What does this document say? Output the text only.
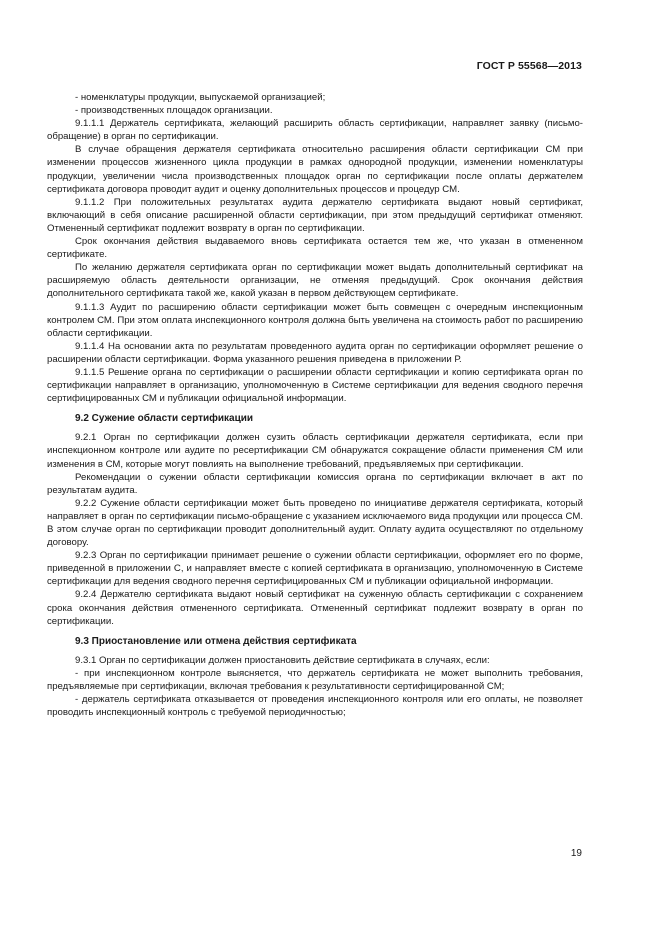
ГОСТ Р 55568—2013

- номенклатуры продукции, выпускаемой организацией;

- производственных площадок организации.

9.1.1.1 Держатель сертификата, желающий расширить область сертификации, направляет заявку (письмо-обращение) в орган по сертификации.

В случае обращения держателя сертификата относительно расширения области сертификации СМ при изменении процессов жизненного цикла продукции в рамках однородной продукции, изменении номенклатуры продукции, увеличении числа производственных площадок орган по сертификации после оплаты держателем сертификата договора проводит аудит и оценку дополнительных процессов и процедур СМ.

9.1.1.2 При положительных результатах аудита держателю сертификата выдают новый сертификат, включающий в себя описание расширенной области сертификации, при этом предыдущий сертификат отменяют. Отмененный сертификат подлежит возврату в орган по сертификации.

Срок окончания действия выдаваемого вновь сертификата остается тем же, что указан в отмененном сертификате.

По желанию держателя сертификата орган по сертификации может выдать дополнительный сертификат на расширяемую область деятельности организации, не отменяя предыдущий. Срок окончания действия дополнительного сертификата такой же, какой указан в первом действующем сертификате.

9.1.1.3 Аудит по расширению области сертификации может быть совмещен с очередным инспекционным контролем СМ. При этом оплата инспекционного контроля должна быть увеличена на стоимость работ по расширению области сертификации.

9.1.1.4 На основании акта по результатам проведенного аудита орган по сертификации оформляет решение о расширении области сертификации. Форма указанного решения приведена в приложении Р.

9.1.1.5 Решение органа по сертификации о расширении области сертификации и копию сертификата орган по сертификации направляет в организацию, уполномоченную в Системе сертификации для ведения сводного перечня сертифицированных СМ и публикации официальной информации.

9.2 Сужение области сертификации

9.2.1 Орган по сертификации должен сузить область сертификации держателя сертификата, если при инспекционном контроле или аудите по ресертификации СМ обнаружатся сокращение области применения СМ или изменения в СМ, которые могут повлиять на выполнение требований, предъявляемых при сертификации.

Рекомендации о сужении области сертификации комиссия органа по сертификации включает в акт по результатам аудита.

9.2.2 Сужение области сертификации может быть проведено по инициативе держателя сертификата, который направляет в орган по сертификации письмо-обращение с указанием исключаемого вида продукции или процесса СМ. В этом случае орган по сертификации проводит дополнительный аудит. Оплату аудита осуществляют по отдельному договору.

9.2.3 Орган по сертификации принимает решение о сужении области сертификации, оформляет его по форме, приведенной в приложении С, и направляет вместе с копией сертификата в организацию, уполномоченную в Системе сертификации для ведения сводного перечня сертифицированных СМ и публикации официальной информации.

9.2.4 Держателю сертификата выдают новый сертификат на суженную область сертификации с сохранением срока окончания действия отмененного сертификата. Отмененный сертификат подлежит возврату в орган по сертификации.

9.3 Приостановление или отмена действия сертификата

9.3.1 Орган по сертификации должен приостановить действие сертификата в случаях, если:

- при инспекционном контроле выясняется, что держатель сертификата не может выполнить требования, предъявляемые при сертификации, включая требования к результативности сертифицированной СМ;

- держатель сертификата отказывается от проведения инспекционного контроля или его оплаты, не позволяет проводить инспекционный контроль с требуемой периодичностью;

19
